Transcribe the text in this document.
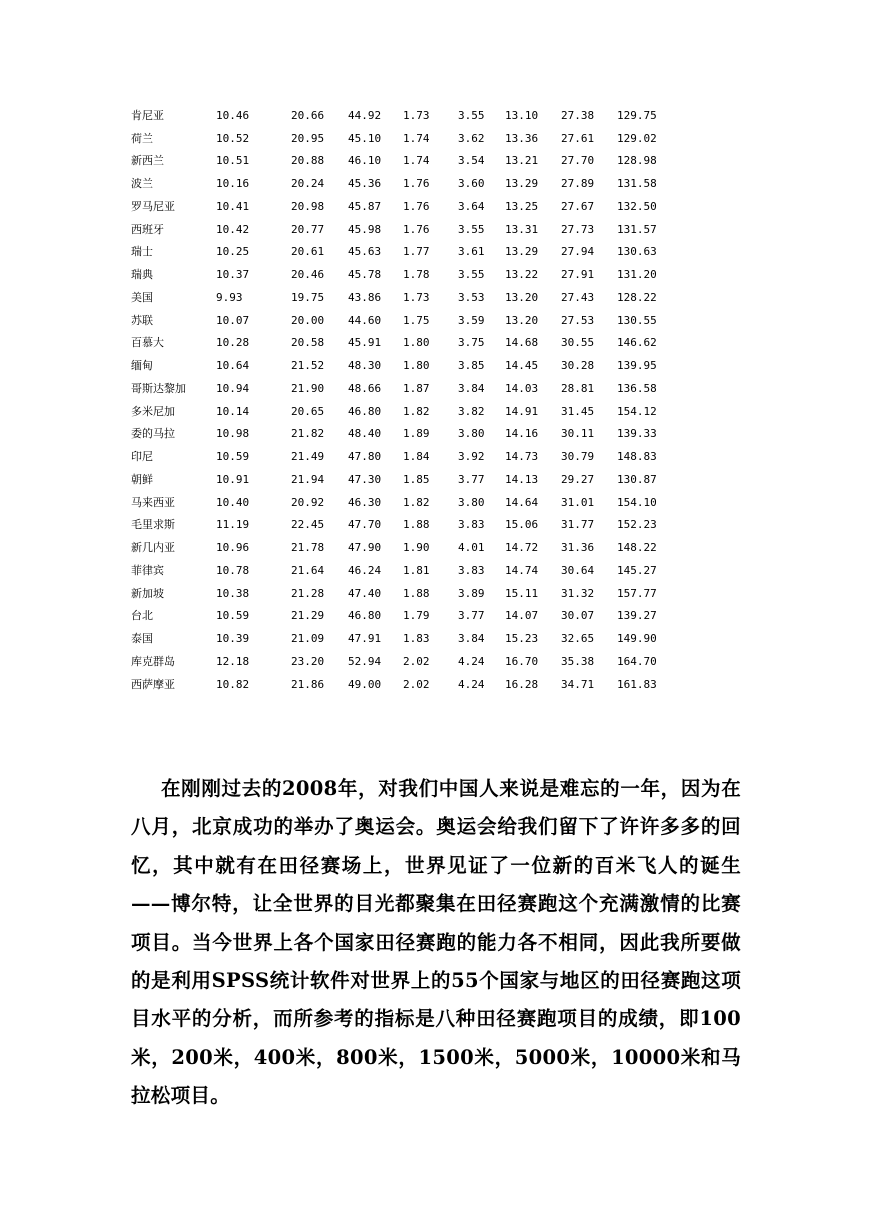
肯尼亚	10.46	20.66 44.92 1.73	3.55 13.10 27.38 129.75
荷兰	10.52	20.95 45.10 1.74	3.62 13.36 27.61 129.02
新西兰	10.51	20.88 46.10 1.74	3.54 13.21 27.70 128.98
波兰	10.16	20.24 45.36 1.76	3.60 13.29 27.89 131.58
罗马尼亚	10.41	20.98 45.87 1.76	3.64 13.25 27.67 132.50
西班牙	10.42	20.77 45.98 1.76	3.55 13.31 27.73 131.57
瑞士	10.25	20.61 45.63 1.77	3.61 13.29 27.94 130.63
瑞典	10.37	20.46 45.78 1.78	3.55 13.22 27.91 131.20
美国	9.93	19.75 43.86 1.73	3.53 13.20 27.43 128.22
苏联	10.07	20.00 44.60 1.75	3.59 13.20 27.53 130.55
百慕大	10.28	20.58 45.91 1.80	3.75 14.68 30.55 146.62
缅甸	10.64	21.52 48.30 1.80	3.85 14.45 30.28 139.95
哥斯达黎加	10.94	21.90 48.66 1.87	3.84 14.03 28.81 136.58
多米尼加	10.14	20.65 46.80 1.82	3.82 14.91 31.45 154.12
委的马拉	10.98	21.82 48.40 1.89	3.80 14.16 30.11 139.33
印尼	10.59	21.49 47.80 1.84	3.92 14.73 30.79 148.83
朝鲜	10.91	21.94 47.30 1.85	3.77 14.13 29.27 130.87
马来西亚	10.40	20.92 46.30 1.82	3.80 14.64 31.01 154.10
毛里求斯	11.19	22.45 47.70 1.88	3.83 15.06 31.77 152.23
新几内亚	10.96	21.78 47.90 1.90	4.01 14.72 31.36 148.22
菲律宾	10.78	21.64 46.24 1.81	3.83 14.74 30.64 145.27
新加坡	10.38	21.28 47.40 1.88	3.89 15.11 31.32 157.77
台北	10.59	21.29 46.80 1.79	3.77 14.07 30.07 139.27
泰国	10.39	21.09 47.91 1.83	3.84 15.23 32.65 149.90
库克群岛	12.18	23.20 52.94 2.02	4.24 16.70 35.38 164.70
西萨摩亚	10.82	21.86 49.00 2.02	4.24 16.28 34.71 161.83

在刚刚过去的2008年，对我们中国人来说是难忘的一年，因为在八月，北京成功的举办了奥运会。奥运会给我们留下了许许多多的回忆，其中就有在田径赛场上，世界见证了一位新的百米飞人的诞生——博尔特，让全世界的目光都聚集在田径赛跑这个充满激情的比赛项目。当今世界上各个国家田径赛跑的能力各不相同，因此我所要做的是利用SPSS统计软件对世界上的55个国家与地区的田径赛跑这项目水平的分析，而所参考的指标是八种田径赛跑项目的成绩，即100米，200米，400米，800米，1500米，5000米，10000米和马拉松项目。
